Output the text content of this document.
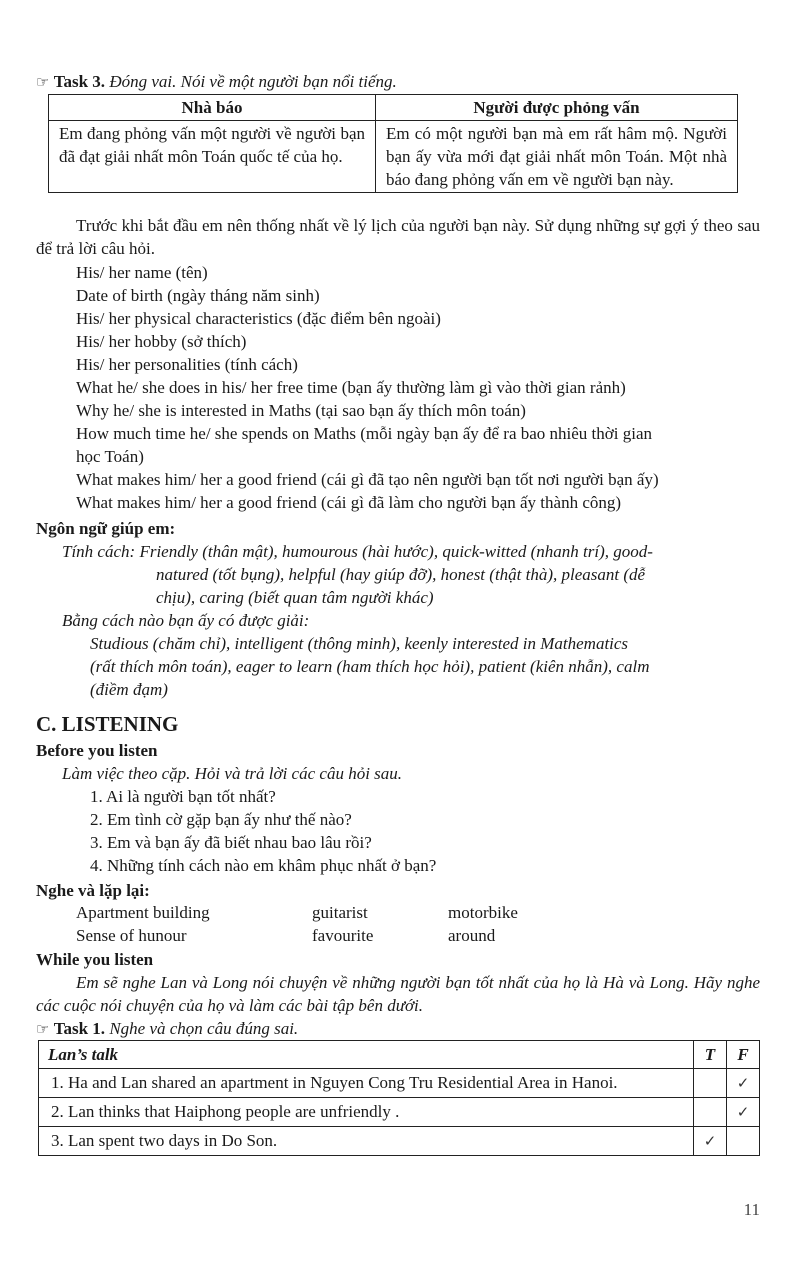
☞ Task 3. Đóng vai. Nói về một người bạn nổi tiếng.
Nhà báo	Người được phỏng vấn
Em đang phỏng vấn một người về người bạn đã đạt giải nhất môn Toán quốc tế của họ.	Em có một người bạn mà em rất hâm mộ. Người bạn ấy vừa mới đạt giải nhất môn Toán. Một nhà báo đang phỏng vấn em về người bạn này.
Trước khi bắt đầu em nên thống nhất về lý lịch của người bạn này. Sử dụng những sự gợi ý theo sau để trả lời câu hỏi.
His/ her name (tên)
Date of birth (ngày tháng năm sinh)
His/ her physical characteristics (đặc điểm bên ngoài)
His/ her hobby (sở thích)
His/ her personalities (tính cách)
What he/ she does in his/ her free time (bạn ấy thường làm gì vào thời gian rảnh)
Why he/ she is interested in Maths (tại sao bạn ấy thích môn toán)
How much time he/ she spends on Maths (mỗi ngày bạn ấy để ra bao nhiêu thời gian
học Toán)
What makes him/ her a good friend (cái gì đã tạo nên người bạn tốt nơi người bạn ấy)
What makes him/ her a good friend (cái gì đã làm cho người bạn ấy thành công)
Ngôn ngữ giúp em:
Tính cách: Friendly (thân mật), humourous (hài hước), quick-witted (nhanh trí), good-
natured (tốt bụng), helpful (hay giúp đỡ), honest (thật thà), pleasant (dễ
chịu), caring (biết quan tâm người khác)
Bằng cách nào bạn ấy có được giải:
Studious (chăm chỉ), intelligent (thông minh), keenly interested in Mathematics
(rất thích môn toán), eager to learn (ham thích học hỏi), patient (kiên nhẫn), calm
(điềm đạm)
C. LISTENING
Before you listen
Làm việc theo cặp. Hỏi và trả lời các câu hỏi sau.
1. Ai là người bạn tốt nhất?
2. Em tình cờ gặp bạn ấy như thế nào?
3. Em và bạn ấy đã biết nhau bao lâu rồi?
4. Những tính cách nào em khâm phục nhất ở bạn?
Nghe và lặp lại:
Apartment building	guitarist	motorbike
Sense of hunour	favourite	around
While you listen
Em sẽ nghe Lan và Long nói chuyện về những người bạn tốt nhất của họ là Hà và Long. Hãy nghe các cuộc nói chuyện của họ và làm các bài tập bên dưới.
☞ Task 1. Nghe và chọn câu đúng sai.
Lan’s talk	T	F
1. Ha and Lan shared an apartment in Nguyen Cong Tru Residential Area in Hanoi.		✓
2. Lan thinks that Haiphong people are unfriendly .		✓
3. Lan spent two days in Do Son.	✓	
11
